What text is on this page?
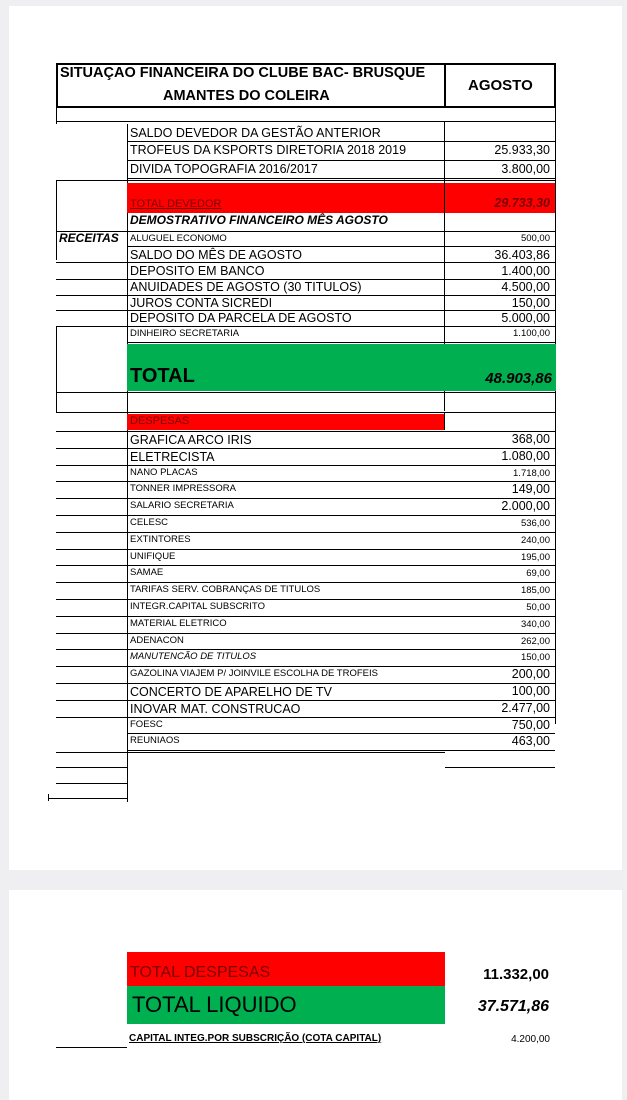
SITUAÇAO FINANCEIRA DO CLUBE BAC- BRUSQUE
AMANTES DO COLEIRA
AGOSTO
SALDO DEVEDOR DA GESTÃO ANTERIOR
TROFEUS DA KSPORTS DIRETORIA 2018 2019	25.933,30
DIVIDA TOPOGRAFIA 2016/2017	3.800,00
TOTAL DEVEDOR	29.733,30
DEMOSTRATIVO FINANCEIRO MÊS AGOSTO
RECEITAS ALUGUEL ECONOMO	500,00
SALDO DO MÊS DE AGOSTO	36.403,86
DEPOSITO EM BANCO	1.400,00
ANUIDADES DE AGOSTO (30 TITULOS)	4.500,00
JUROS CONTA SICREDI	150,00
DEPOSITO DA PARCELA DE AGOSTO	5.000,00
DINHEIRO SECRETARIA	1.100,00
TOTAL	48.903,86
DESPESAS
GRAFICA ARCO IRIS	368,00
ELETRECISTA	1.080,00
NANO PLACAS	1.718,00
TONNER IMPRESSORA	149,00
SALARIO SECRETARIA	2.000,00
CELESC	536,00
EXTINTORES	240,00
UNIFIQUE	195,00
SAMAE	69,00
TARIFAS SERV. COBRANÇAS DE TITULOS	185,00
INTEGR.CAPITAL SUBSCRITO	50,00
MATERIAL ELETRICO	340,00
ADENACON	262,00
MANUTENCÃO DE TITULOS	150,00
GAZOLINA VIAJEM P/ JOINVILE ESCOLHA DE TROFEIS	200,00
CONCERTO DE APARELHO DE TV	100,00
INOVAR MAT. CONSTRUCAO	2.477,00
FOESC	750,00
REUNIAOS	463,00
TOTAL DESPESAS	11.332,00
TOTAL LIQUIDO	37.571,86
CAPITAL INTEG.POR SUBSCRIÇÃO (COTA CAPITAL)	4.200,00
